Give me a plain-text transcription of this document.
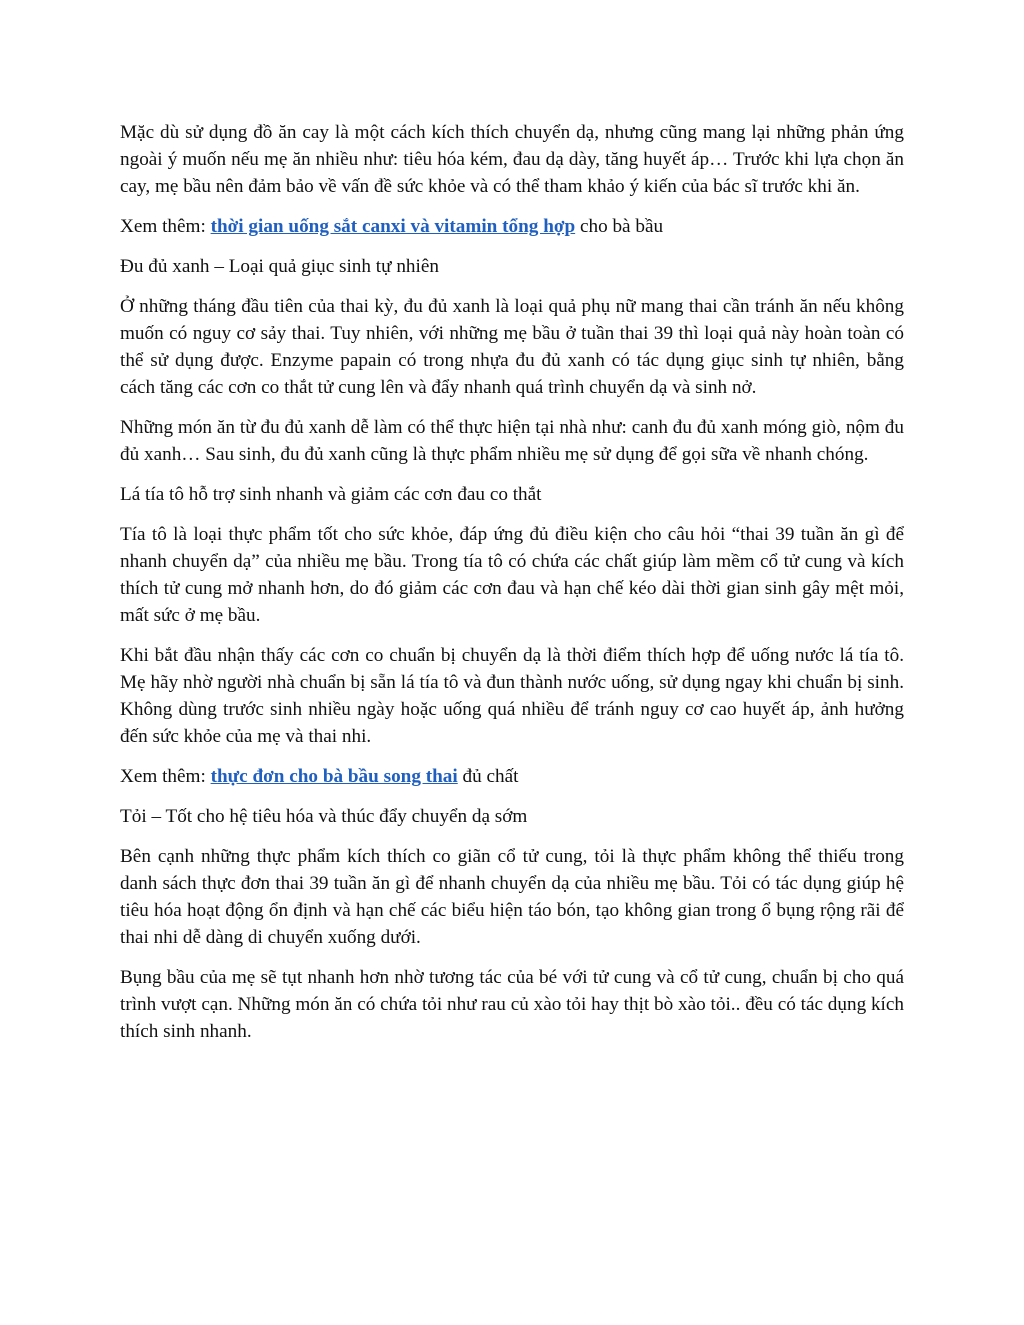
Mặc dù sử dụng đồ ăn cay là một cách kích thích chuyển dạ, nhưng cũng mang lại những phản ứng ngoài ý muốn nếu mẹ ăn nhiều như: tiêu hóa kém, đau dạ dày, tăng huyết áp… Trước khi lựa chọn ăn cay, mẹ bầu nên đảm bảo về vấn đề sức khỏe và có thể tham khảo ý kiến của bác sĩ trước khi ăn.

Xem thêm: thời gian uống sắt canxi và vitamin tổng hợp cho bà bầu

Đu đủ xanh – Loại quả giục sinh tự nhiên

Ở những tháng đầu tiên của thai kỳ, đu đủ xanh là loại quả phụ nữ mang thai cần tránh ăn nếu không muốn có nguy cơ sảy thai. Tuy nhiên, với những mẹ bầu ở tuần thai 39 thì loại quả này hoàn toàn có thể sử dụng được. Enzyme papain có trong nhựa đu đủ xanh có tác dụng giục sinh tự nhiên, bằng cách tăng các cơn co thắt tử cung lên và đẩy nhanh quá trình chuyển dạ và sinh nở.

Những món ăn từ đu đủ xanh dễ làm có thể thực hiện tại nhà như: canh đu đủ xanh móng giò, nộm đu đủ xanh… Sau sinh, đu đủ xanh cũng là thực phẩm nhiều mẹ sử dụng để gọi sữa về nhanh chóng.

Lá tía tô hỗ trợ sinh nhanh và giảm các cơn đau co thắt

Tía tô là loại thực phẩm tốt cho sức khỏe, đáp ứng đủ điều kiện cho câu hỏi “thai 39 tuần ăn gì để nhanh chuyển dạ” của nhiều mẹ bầu. Trong tía tô có chứa các chất giúp làm mềm cổ tử cung và kích thích tử cung mở nhanh hơn, do đó giảm các cơn đau và hạn chế kéo dài thời gian sinh gây mệt mỏi, mất sức ở mẹ bầu.

Khi bắt đầu nhận thấy các cơn co chuẩn bị chuyển dạ là thời điểm thích hợp để uống nước lá tía tô. Mẹ hãy nhờ người nhà chuẩn bị sẵn lá tía tô và đun thành nước uống, sử dụng ngay khi chuẩn bị sinh. Không dùng trước sinh nhiều ngày hoặc uống quá nhiều để tránh nguy cơ cao huyết áp, ảnh hưởng đến sức khỏe của mẹ và thai nhi.

Xem thêm: thực đơn cho bà bầu song thai đủ chất

Tỏi – Tốt cho hệ tiêu hóa và thúc đẩy chuyển dạ sớm

Bên cạnh những thực phẩm kích thích co giãn cổ tử cung, tỏi là thực phẩm không thể thiếu trong danh sách thực đơn thai 39 tuần ăn gì để nhanh chuyển dạ của nhiều mẹ bầu. Tỏi có tác dụng giúp hệ tiêu hóa hoạt động ổn định và hạn chế các biểu hiện táo bón, tạo không gian trong ổ bụng rộng rãi để thai nhi dễ dàng di chuyển xuống dưới.

Bụng bầu của mẹ sẽ tụt nhanh hơn nhờ tương tác của bé với tử cung và cổ tử cung, chuẩn bị cho quá trình vượt cạn. Những món ăn có chứa tỏi như rau củ xào tỏi hay thịt bò xào tỏi.. đều có tác dụng kích thích sinh nhanh.
